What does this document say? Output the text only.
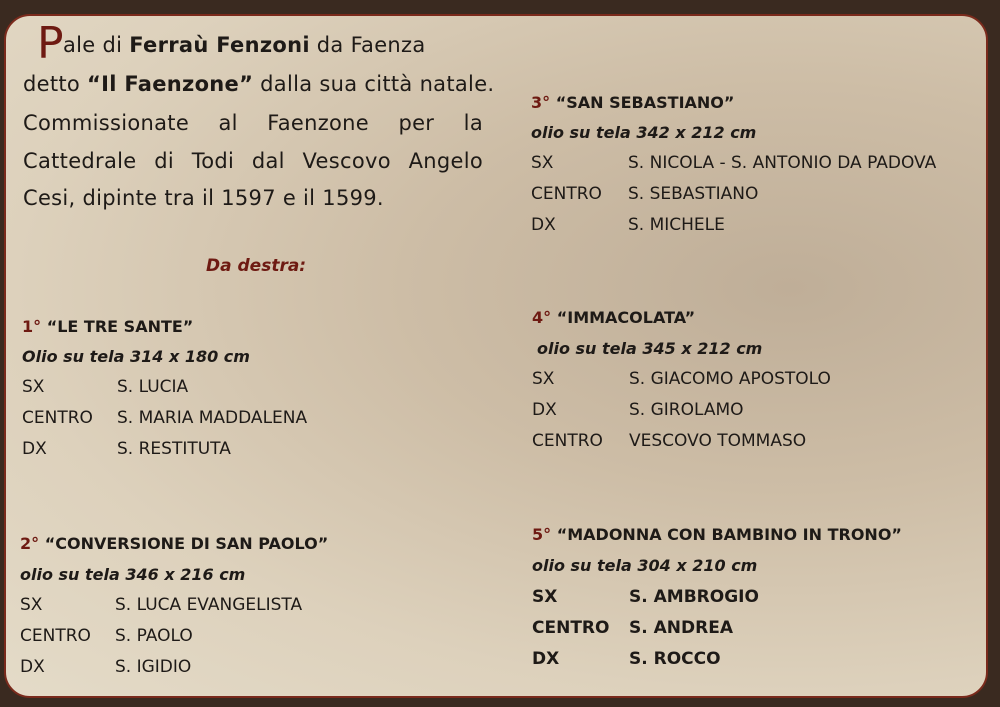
P ale di Ferraù Fenzoni da Faenza
detto “Il Faenzone” dalla sua città natale.
Commissionate al Faenzone per la
Cattedrale di Todi dal Vescovo Angelo
Cesi, dipinte tra il 1597 e il 1599.
Da destra:
1° “LE TRE SANTE”
Olio su tela 314 x 180 cm
SX	S. LUCIA
CENTRO S. MARIA MADDALENA
DX	S. RESTITUTA
2° “CONVERSIONE DI SAN PAOLO”
olio su tela 346 x 216 cm
SX	S. LUCA EVANGELISTA
CENTRO S. PAOLO
DX	S. IGIDIO
3° “SAN SEBASTIANO”
olio su tela 342 x 212 cm
SX	S. NICOLA - S. ANTONIO DA PADOVA
CENTRO S. SEBASTIANO
DX	S. MICHELE
4° “IMMACOLATA”
olio su tela 345 x 212 cm
SX	S. GIACOMO APOSTOLO
DX	S. GIROLAMO
CENTRO VESCOVO TOMMASO
5° “MADONNA CON BAMBINO IN TRONO”
olio su tela 304 x 210 cm
SX	S. AMBROGIO
CENTRO S. ANDREA
DX	S. ROCCO
